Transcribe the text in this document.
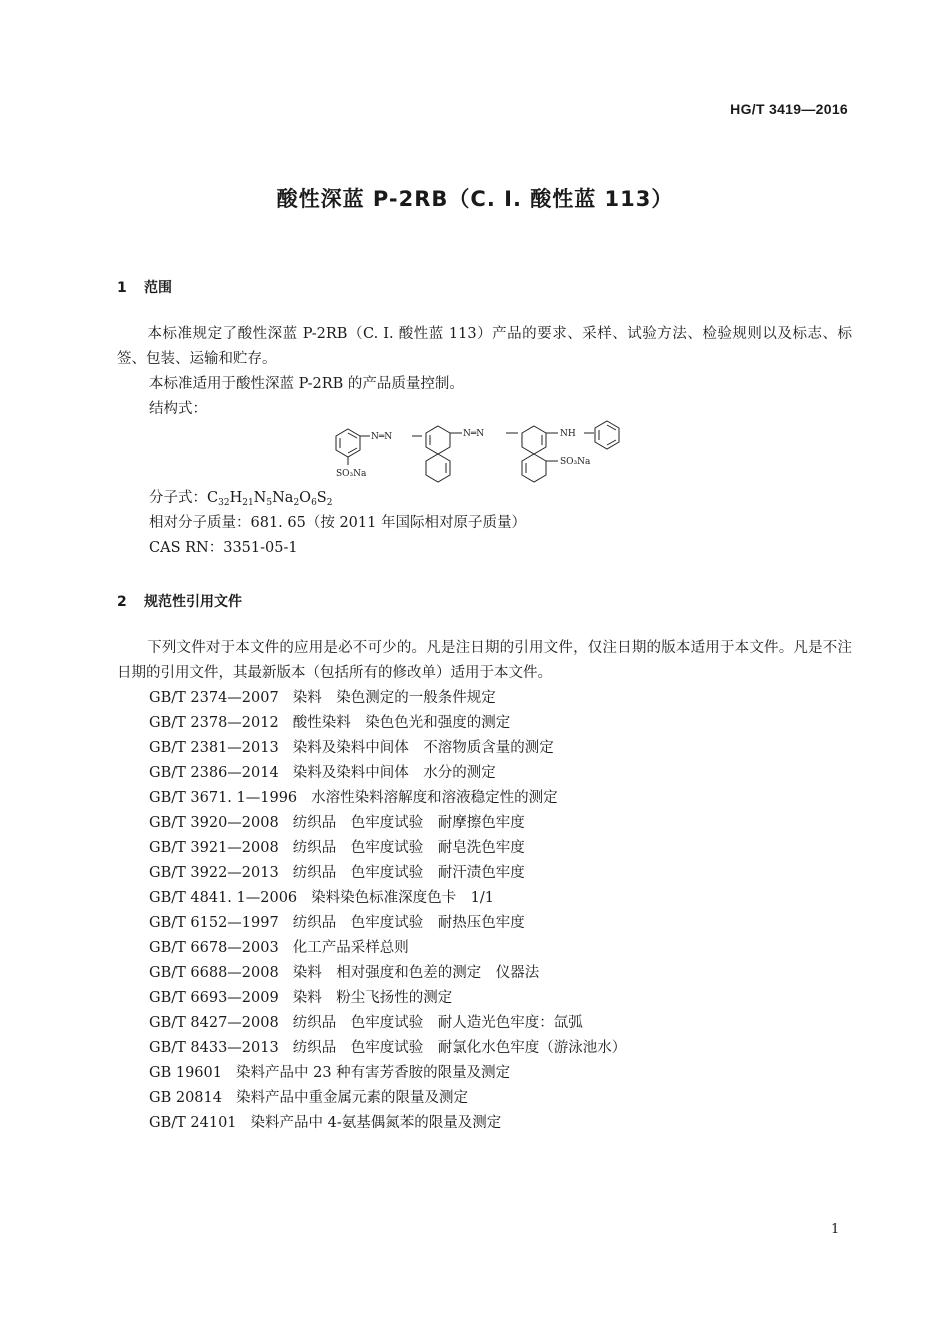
HG/T 3419—2016
酸性深蓝 P-2RB（C. I. 酸性蓝 113）
1 范围
本标准规定了酸性深蓝 P-2RB（C. I. 酸性蓝 113）产品的要求、采样、试验方法、检验规则以及标志、标签、包装、运输和贮存。
本标准适用于酸性深蓝 P-2RB 的产品质量控制。
结构式：
N═N	N═N	NH
SO₃Na
SO₃Na
分子式：$C_{32}H_{21}N_5Na_2O_6S_2$
相对分子质量：681. 65（按 2011 年国际相对原子质量）
CAS RN：3351-05-1
2 规范性引用文件
下列文件对于本文件的应用是必不可少的。凡是注日期的引用文件，仅注日期的版本适用于本文件。凡是不注日期的引用文件，其最新版本（包括所有的修改单）适用于本文件。
GB/T 2374—2007 染料　染色测定的一般条件规定
GB/T 2378—2012 酸性染料　染色色光和强度的测定
GB/T 2381—2013 染料及染料中间体　不溶物质含量的测定
GB/T 2386—2014 染料及染料中间体　水分的测定
GB/T 3671. 1—1996 水溶性染料溶解度和溶液稳定性的测定
GB/T 3920—2008 纺织品　色牢度试验　耐摩擦色牢度
GB/T 3921—2008 纺织品　色牢度试验　耐皂洗色牢度
GB/T 3922—2013 纺织品　色牢度试验　耐汗渍色牢度
GB/T 4841. 1—2006 染料染色标准深度色卡　1/1
GB/T 6152—1997 纺织品　色牢度试验　耐热压色牢度
GB/T 6678—2003 化工产品采样总则
GB/T 6688—2008 染料　相对强度和色差的测定　仪器法
GB/T 6693—2009 染料　粉尘飞扬性的测定
GB/T 8427—2008 纺织品　色牢度试验　耐人造光色牢度：氙弧
GB/T 8433—2013 纺织品　色牢度试验　耐氯化水色牢度（游泳池水）
GB 19601 染料产品中 23 种有害芳香胺的限量及测定
GB 20814 染料产品中重金属元素的限量及测定
GB/T 24101 染料产品中 4-氨基偶氮苯的限量及测定
1
